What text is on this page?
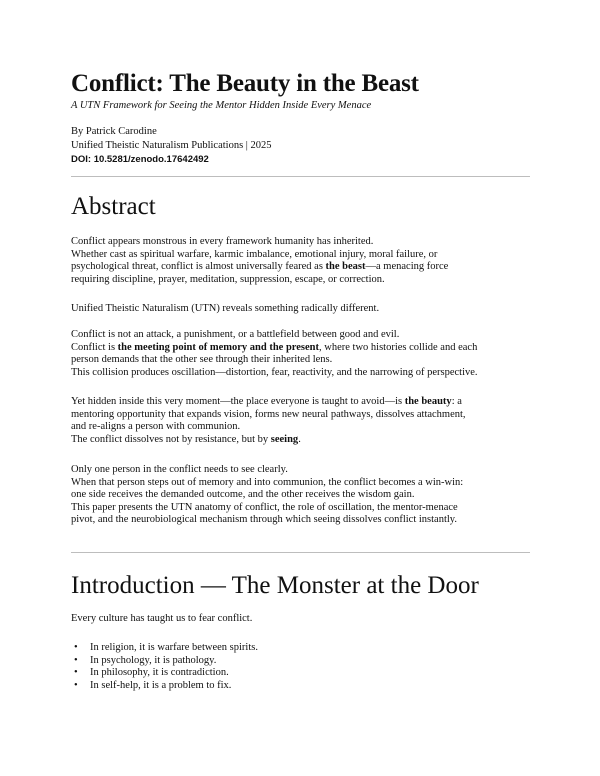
Conflict: The Beauty in the Beast

A UTN Framework for Seeing the Mentor Hidden Inside Every Menace

By Patrick Carodine
Unified Theistic Naturalism Publications | 2025
DOI: 10.5281/zenodo.17642492
Abstract
Conflict appears monstrous in every framework humanity has inherited.
Whether cast as spiritual warfare, karmic imbalance, emotional injury, moral failure, or
psychological threat, conflict is almost universally feared as the beast—a menacing force
requiring discipline, prayer, meditation, suppression, escape, or correction.
Unified Theistic Naturalism (UTN) reveals something radically different.
Conflict is not an attack, a punishment, or a battlefield between good and evil.
Conflict is the meeting point of memory and the present, where two histories collide and each
person demands that the other see through their inherited lens.
This collision produces oscillation—distortion, fear, reactivity, and the narrowing of perspective.
Yet hidden inside this very moment—the place everyone is taught to avoid—is the beauty: a
mentoring opportunity that expands vision, forms new neural pathways, dissolves attachment,
and re-aligns a person with communion.
The conflict dissolves not by resistance, but by seeing.
Only one person in the conflict needs to see clearly.
When that person steps out of memory and into communion, the conflict becomes a win-win:
one side receives the demanded outcome, and the other receives the wisdom gain.
This paper presents the UTN anatomy of conflict, the role of oscillation, the mentor-menace
pivot, and the neurobiological mechanism through which seeing dissolves conflict instantly.
Introduction — The Monster at the Door
Every culture has taught us to fear conflict.
• In religion, it is warfare between spirits.
• In psychology, it is pathology.
• In philosophy, it is contradiction.
• In self-help, it is a problem to fix.
